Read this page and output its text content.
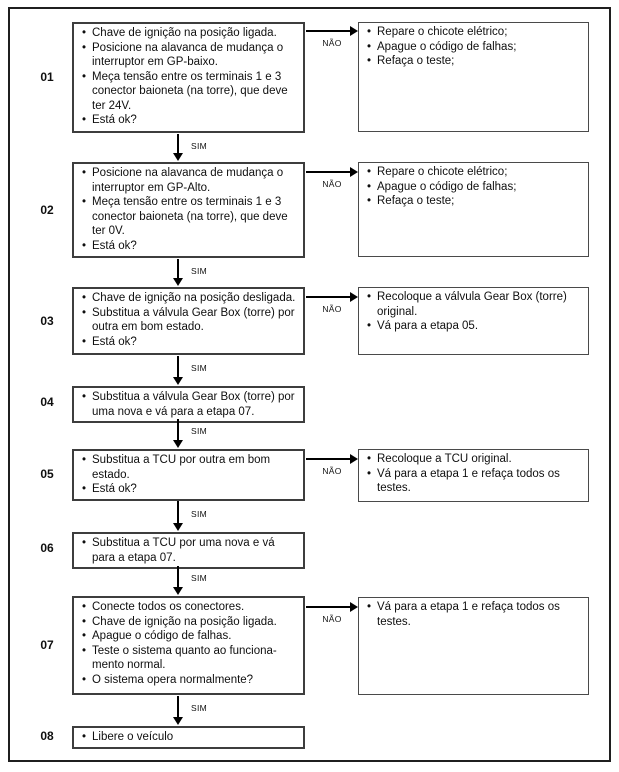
01
• Chave de ignição na posição ligada.
• Posicione na alavanca de mudança o interruptor em GP-baixo.
• Meça tensão entre os terminais 1 e 3 conector baioneta (na torre), que deve ter 24V.
• Está ok?
NÃO
• Repare o chicote elétrico;
• Apague o código de falhas;
• Refaça o teste;
SIM
02
• Posicione na alavanca de mudança o interruptor em GP-Alto.
• Meça tensão entre os terminais 1 e 3 conector baioneta (na torre), que deve ter 0V.
• Está ok?
NÃO
• Repare o chicote elétrico;
• Apague o código de falhas;
• Refaça o teste;
SIM
03
• Chave de ignição na posição desligada.
• Substitua a válvula Gear Box (torre) por outra em bom estado.
• Está ok?
NÃO
• Recoloque a válvula Gear Box (torre) original.
• Vá para a etapa 05.
SIM
04	• Substitua a válvula Gear Box (torre) por uma nova e vá para a etapa 07.
SIM
05
• Substitua a TCU por outra em bom estado.
• Está ok?
NÃO
• Recoloque a TCU original.
• Vá para a etapa 1 e refaça todos os testes.
SIM
06	• Substitua a TCU por uma nova e vá para a etapa 07.
SIM
07
• Conecte todos os conectores.
• Chave de ignição na posição ligada.
• Apague o código de falhas.
• Teste o sistema quanto ao funciona-mento normal.
• O sistema opera normalmente?
NÃO
• Vá para a etapa 1 e refaça todos os testes.
SIM
08	• Libere o veículo
